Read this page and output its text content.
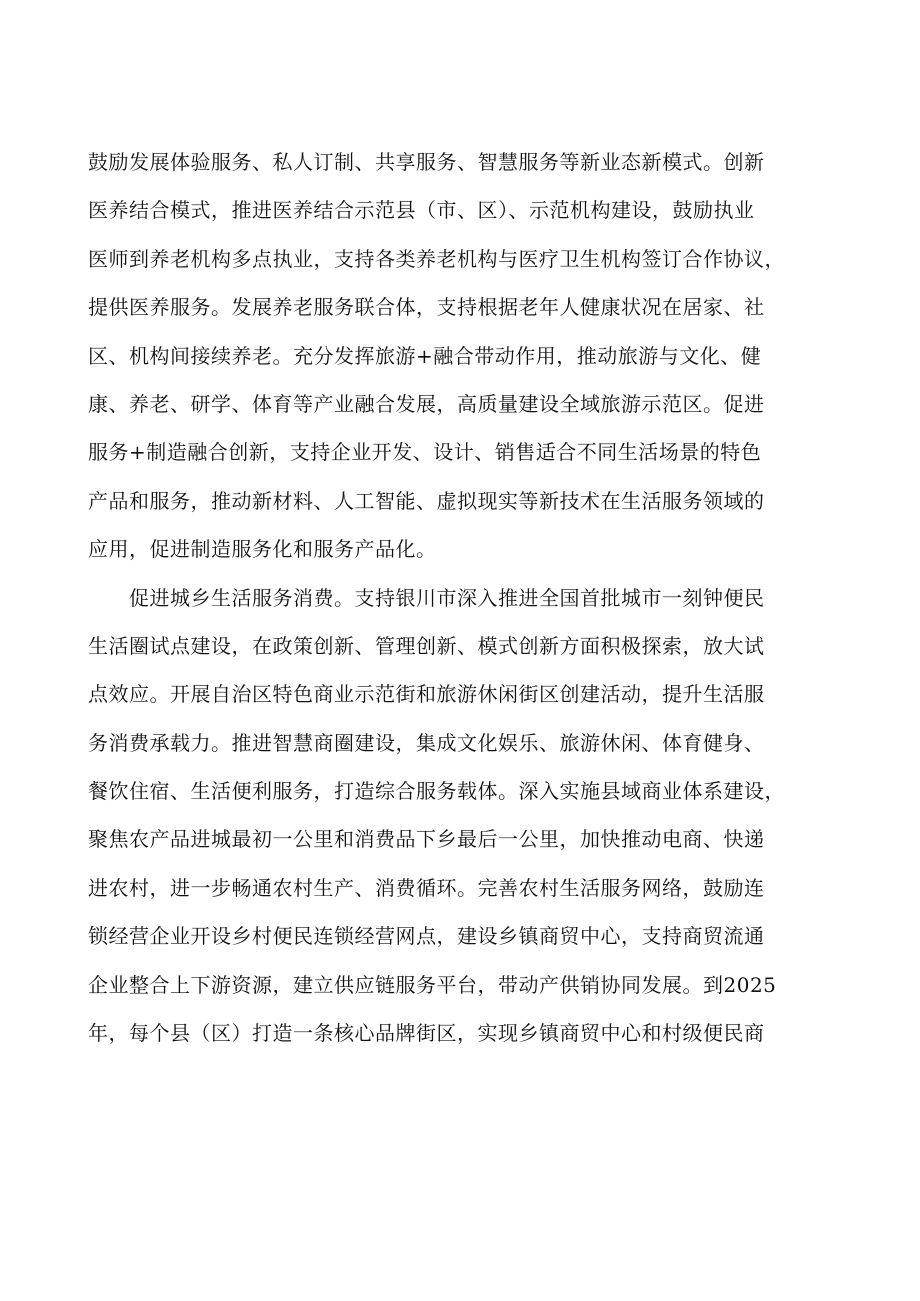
鼓励发展体验服务、私人订制、共享服务、智慧服务等新业态新模式。创新
医养结合模式，推进医养结合示范县（市、区）、示范机构建设，鼓励执业
医师到养老机构多点执业，支持各类养老机构与医疗卫生机构签订合作协议，
提供医养服务。发展养老服务联合体，支持根据老年人健康状况在居家、社
区、机构间接续养老。充分发挥旅游+融合带动作用，推动旅游与文化、健
康、养老、研学、体育等产业融合发展，高质量建设全域旅游示范区。促进
服务+制造融合创新，支持企业开发、设计、销售适合不同生活场景的特色
产品和服务，推动新材料、人工智能、虚拟现实等新技术在生活服务领域的
应用，促进制造服务化和服务产品化。
促进城乡生活服务消费。支持银川市深入推进全国首批城市一刻钟便民
生活圈试点建设，在政策创新、管理创新、模式创新方面积极探索，放大试
点效应。开展自治区特色商业示范街和旅游休闲街区创建活动，提升生活服
务消费承载力。推进智慧商圈建设，集成文化娱乐、旅游休闲、体育健身、
餐饮住宿、生活便利服务，打造综合服务载体。深入实施县域商业体系建设，
聚焦农产品进城最初一公里和消费品下乡最后一公里，加快推动电商、快递
进农村，进一步畅通农村生产、消费循环。完善农村生活服务网络，鼓励连
锁经营企业开设乡村便民连锁经营网点，建设乡镇商贸中心，支持商贸流通
企业整合上下游资源，建立供应链服务平台，带动产供销协同发展。到2025
年，每个县（区）打造一条核心品牌街区，实现乡镇商贸中心和村级便民商
